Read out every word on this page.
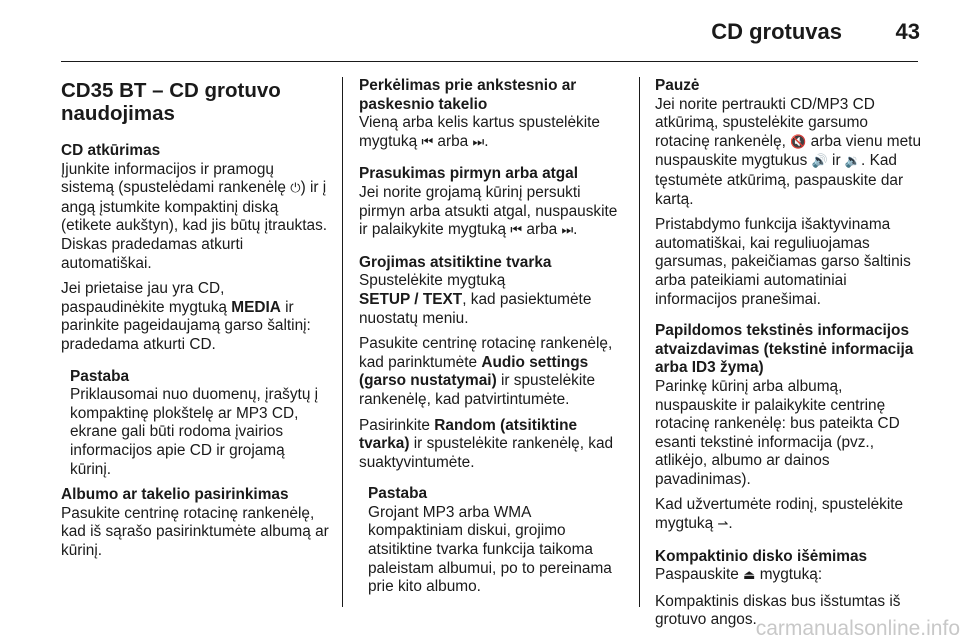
CD grotuvas 43
CD35 BT – CD grotuvo naudojimas
CD atkūrimas

Įjunkite informacijos ir pramogų sistemą (spustelėdami rankenėlę ⏻) ir į angą įstumkite kompaktinį diską (etikete aukštyn), kad jis būtų įtrauktas. Diskas pradedamas atkurti automatiškai.

Jei prietaise jau yra CD, paspaudinėkite mygtuką MEDIA ir parinkite pageidaujamą garso šaltinį: pradedama atkurti CD.

Pastaba
Priklausomai nuo duomenų, įrašytų į kompaktinę plokštelę ar MP3 CD, ekrane gali būti rodoma įvairios informacijos apie CD ir grojamą kūrinį.
Albumo ar takelio pasirinkimas

Pasukite centrinę rotacinę rankenėlę, kad iš sąrašo pasirinktumėte albumą ar kūrinį.

Perkėlimas prie ankstesnio ar paskesnio takelio

Vieną arba kelis kartus spustelėkite mygtuką ⏮ arba ⏭.

Prasukimas pirmyn arba atgal

Jei norite grojamą kūrinį persukti pirmyn arba atsukti atgal, nuspauskite ir palaikykite mygtuką ⏮ arba ⏭.

Grojimas atsitiktine tvarka

Spustelėkite mygtuką
SETUP / TEXT, kad pasiektumėte nuostatų meniu.

Pasukite centrinę rotacinę rankenėlę, kad parinktumėte Audio settings (garso nustatymai) ir spustelėkite rankenėlę, kad patvirtintumėte.

Pasirinkite Random (atsitiktine tvarka) ir spustelėkite rankenėlę, kad suaktyvintumėte.

Pastaba
Grojant MP3 arba WMA kompaktiniam diskui, grojimo atsitiktine tvarka funkcija taikoma paleistam albumui, po to pereinama prie kito albumo.
Pauzė

Jei norite pertraukti CD/MP3 CD atkūrimą, spustelėkite garsumo rotacinę rankenėlę, 🔇 arba vienu metu nuspauskite mygtukus 🔊 ir 🔉. Kad tęstumėte atkūrimą, paspauskite dar kartą.

Pristabdymo funkcija išaktyvinama automatiškai, kai reguliuojamas garsumas, pakeičiamas garso šaltinis arba pateikiami automatiniai informacijos pranešimai.

Papildomos tekstinės informacijos atvaizdavimas (tekstinė informacija arba ID3 žyma)

Parinkę kūrinį arba albumą, nuspauskite ir palaikykite centrinę rotacinę rankenėlę: bus pateikta CD esanti tekstinė informacija (pvz., atlikėjo, albumo ar dainos pavadinimas).

Kad užvertumėte rodinį, spustelėkite mygtuką ⇀.

Kompaktinio disko išėmimas

Paspauskite ⏏ mygtuką:

Kompaktinis diskas bus išstumtas iš grotuvo angos.

carmanualsonline.info
